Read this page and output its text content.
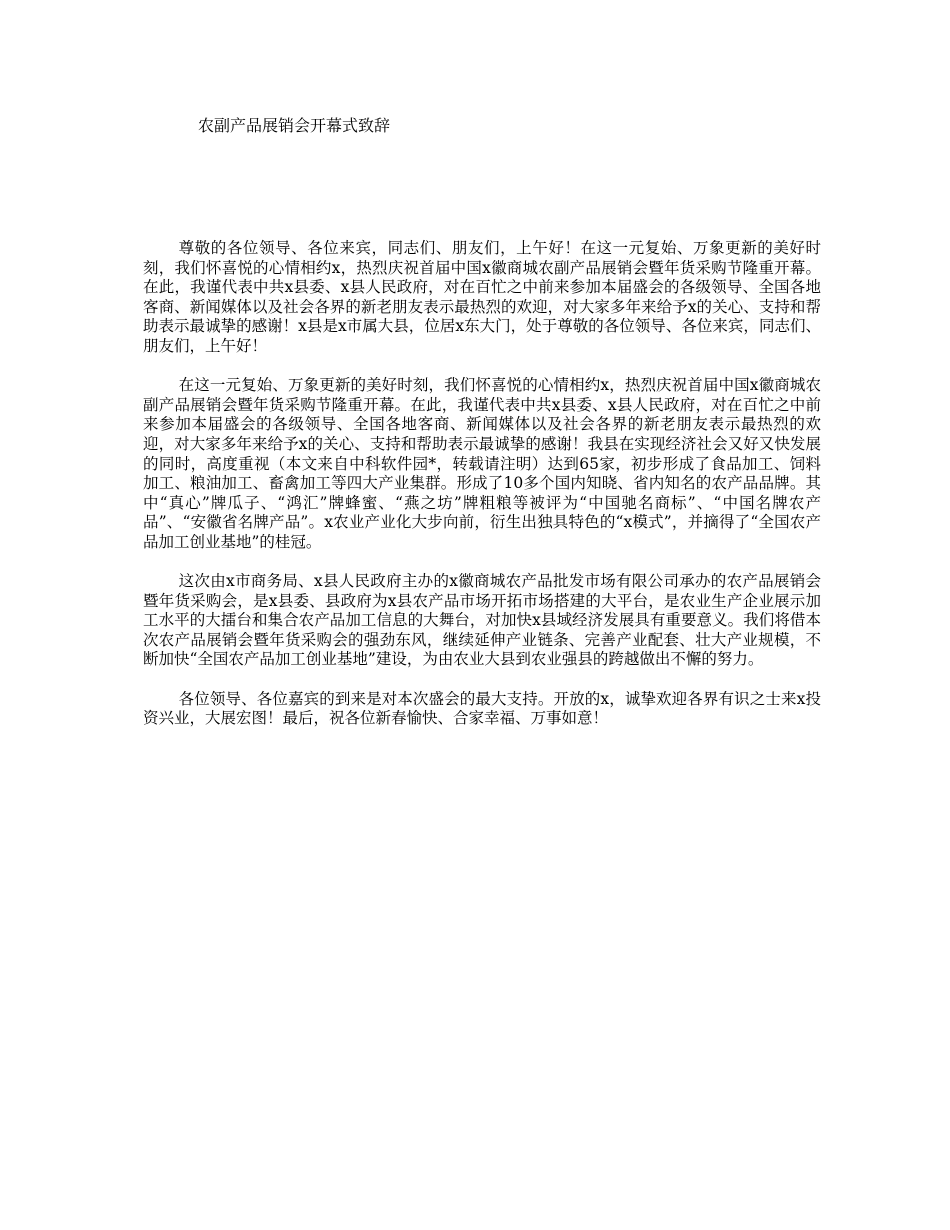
农副产品展销会开幕式致辞

尊敬的各位领导、各位来宾，同志们、朋友们，上午好！在这一元复始、万象更新的美好时刻，我们怀喜悦的心情相约x，热烈庆祝首届中国x徽商城农副产品展销会暨年货采购节隆重开幕。在此，我谨代表中共x县委、x县人民政府，对在百忙之中前来参加本届盛会的各级领导、全国各地客商、新闻媒体以及社会各界的新老朋友表示最热烈的欢迎，对大家多年来给予x的关心、支持和帮助表示最诚挚的感谢！x县是x市属大县，位居x东大门，处于尊敬的各位领导、各位来宾，同志们、朋友们，上午好！

在这一元复始、万象更新的美好时刻，我们怀喜悦的心情相约x，热烈庆祝首届中国x徽商城农副产品展销会暨年货采购节隆重开幕。在此，我谨代表中共x县委、x县人民政府，对在百忙之中前来参加本届盛会的各级领导、全国各地客商、新闻媒体以及社会各界的新老朋友表示最热烈的欢迎，对大家多年来给予x的关心、支持和帮助表示最诚挚的感谢！我县在实现经济社会又好又快发展的同时，高度重视（本文来自中科软件园*，转载请注明）达到65家，初步形成了食品加工、饲料加工、粮油加工、畜禽加工等四大产业集群。形成了10多个国内知晓、省内知名的农产品品牌。其中“真心”牌瓜子、“鸿汇”牌蜂蜜、“燕之坊”牌粗粮等被评为“中国驰名商标”、“中国名牌农产品”、“安徽省名牌产品”。x农业产业化大步向前，衍生出独具特色的“x模式”，并摘得了“全国农产品加工创业基地”的桂冠。

这次由x市商务局、x县人民政府主办的x徽商城农产品批发市场有限公司承办的农产品展销会暨年货采购会，是x县委、县政府为x县农产品市场开拓市场搭建的大平台，是农业生产企业展示加工水平的大擂台和集合农产品加工信息的大舞台，对加快x县域经济发展具有重要意义。我们将借本次农产品展销会暨年货采购会的强劲东风，继续延伸产业链条、完善产业配套、壮大产业规模，不断加快“全国农产品加工创业基地”建设，为由农业大县到农业强县的跨越做出不懈的努力。

各位领导、各位嘉宾的到来是对本次盛会的最大支持。开放的x，诚挚欢迎各界有识之士来x投资兴业，大展宏图！最后，祝各位新春愉快、合家幸福、万事如意！
